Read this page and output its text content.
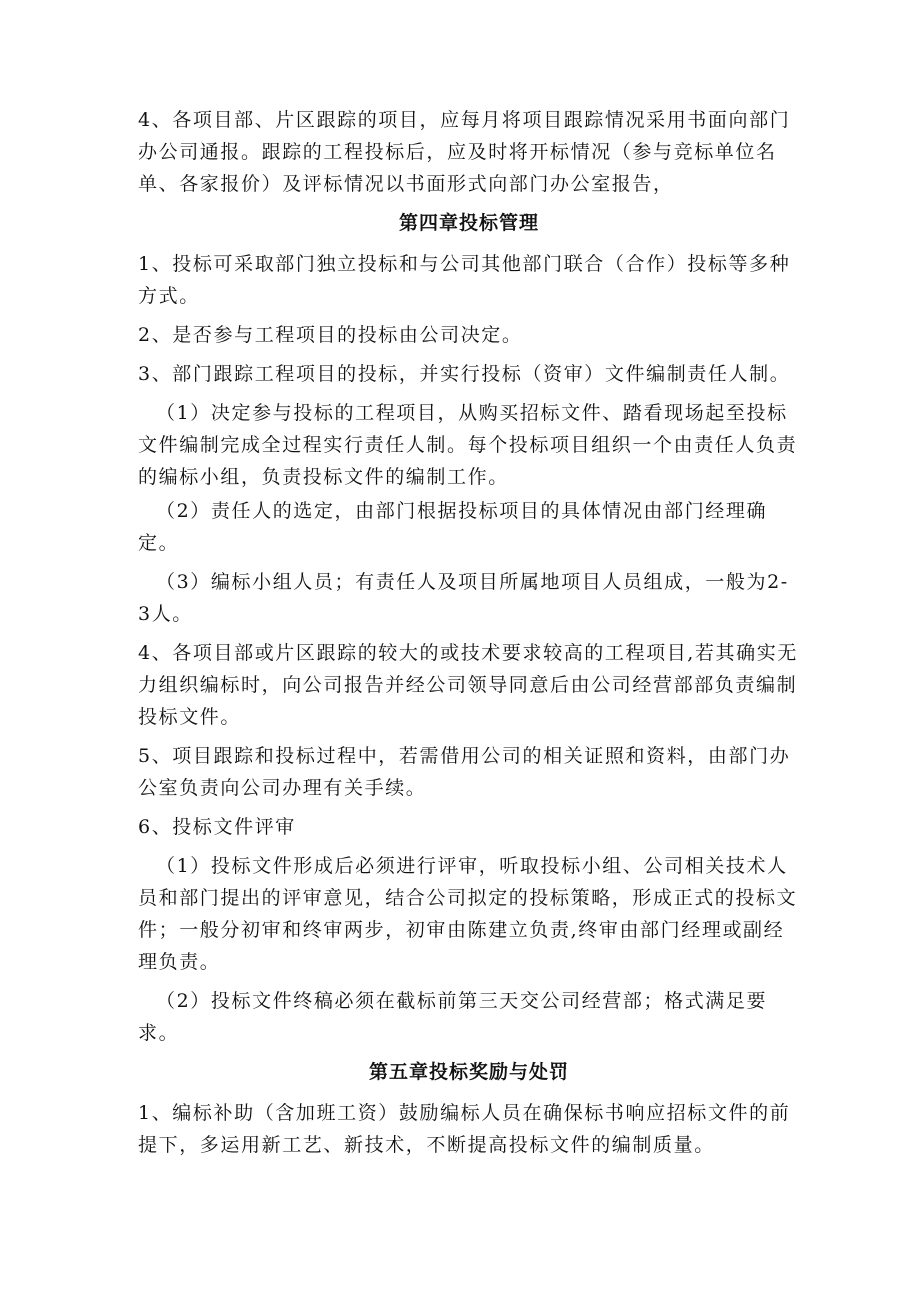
4、各项目部、片区跟踪的项目，应每月将项目跟踪情况采用书面向部门办公司通报。跟踪的工程投标后，应及时将开标情况（参与竞标单位名单、各家报价）及评标情况以书面形式向部门办公室报告，

第四章投标管理

1、投标可采取部门独立投标和与公司其他部门联合（合作）投标等多种方式。

2、是否参与工程项目的投标由公司决定。

3、部门跟踪工程项目的投标，并实行投标（资审）文件编制责任人制。

（1）决定参与投标的工程项目，从购买招标文件、踏看现场起至投标文件编制完成全过程实行责任人制。每个投标项目组织一个由责任人负责的编标小组，负责投标文件的编制工作。

（2）责任人的选定，由部门根据投标项目的具体情况由部门经理确定。

（3）编标小组人员；有责任人及项目所属地项目人员组成，一般为2-3人。

4、各项目部或片区跟踪的较大的或技术要求较高的工程项目,若其确实无力组织编标时，向公司报告并经公司领导同意后由公司经营部部负责编制投标文件。

5、项目跟踪和投标过程中，若需借用公司的相关证照和资料，由部门办公室负责向公司办理有关手续。

6、投标文件评审

（1）投标文件形成后必须进行评审，听取投标小组、公司相关技术人员和部门提出的评审意见，结合公司拟定的投标策略，形成正式的投标文件；一般分初审和终审两步，初审由陈建立负责,终审由部门经理或副经理负责。

（2）投标文件终稿必须在截标前第三天交公司经营部；格式满足要求。

第五章投标奖励与处罚

1、编标补助（含加班工资）鼓励编标人员在确保标书响应招标文件的前提下，多运用新工艺、新技术，不断提高投标文件的编制质量。
